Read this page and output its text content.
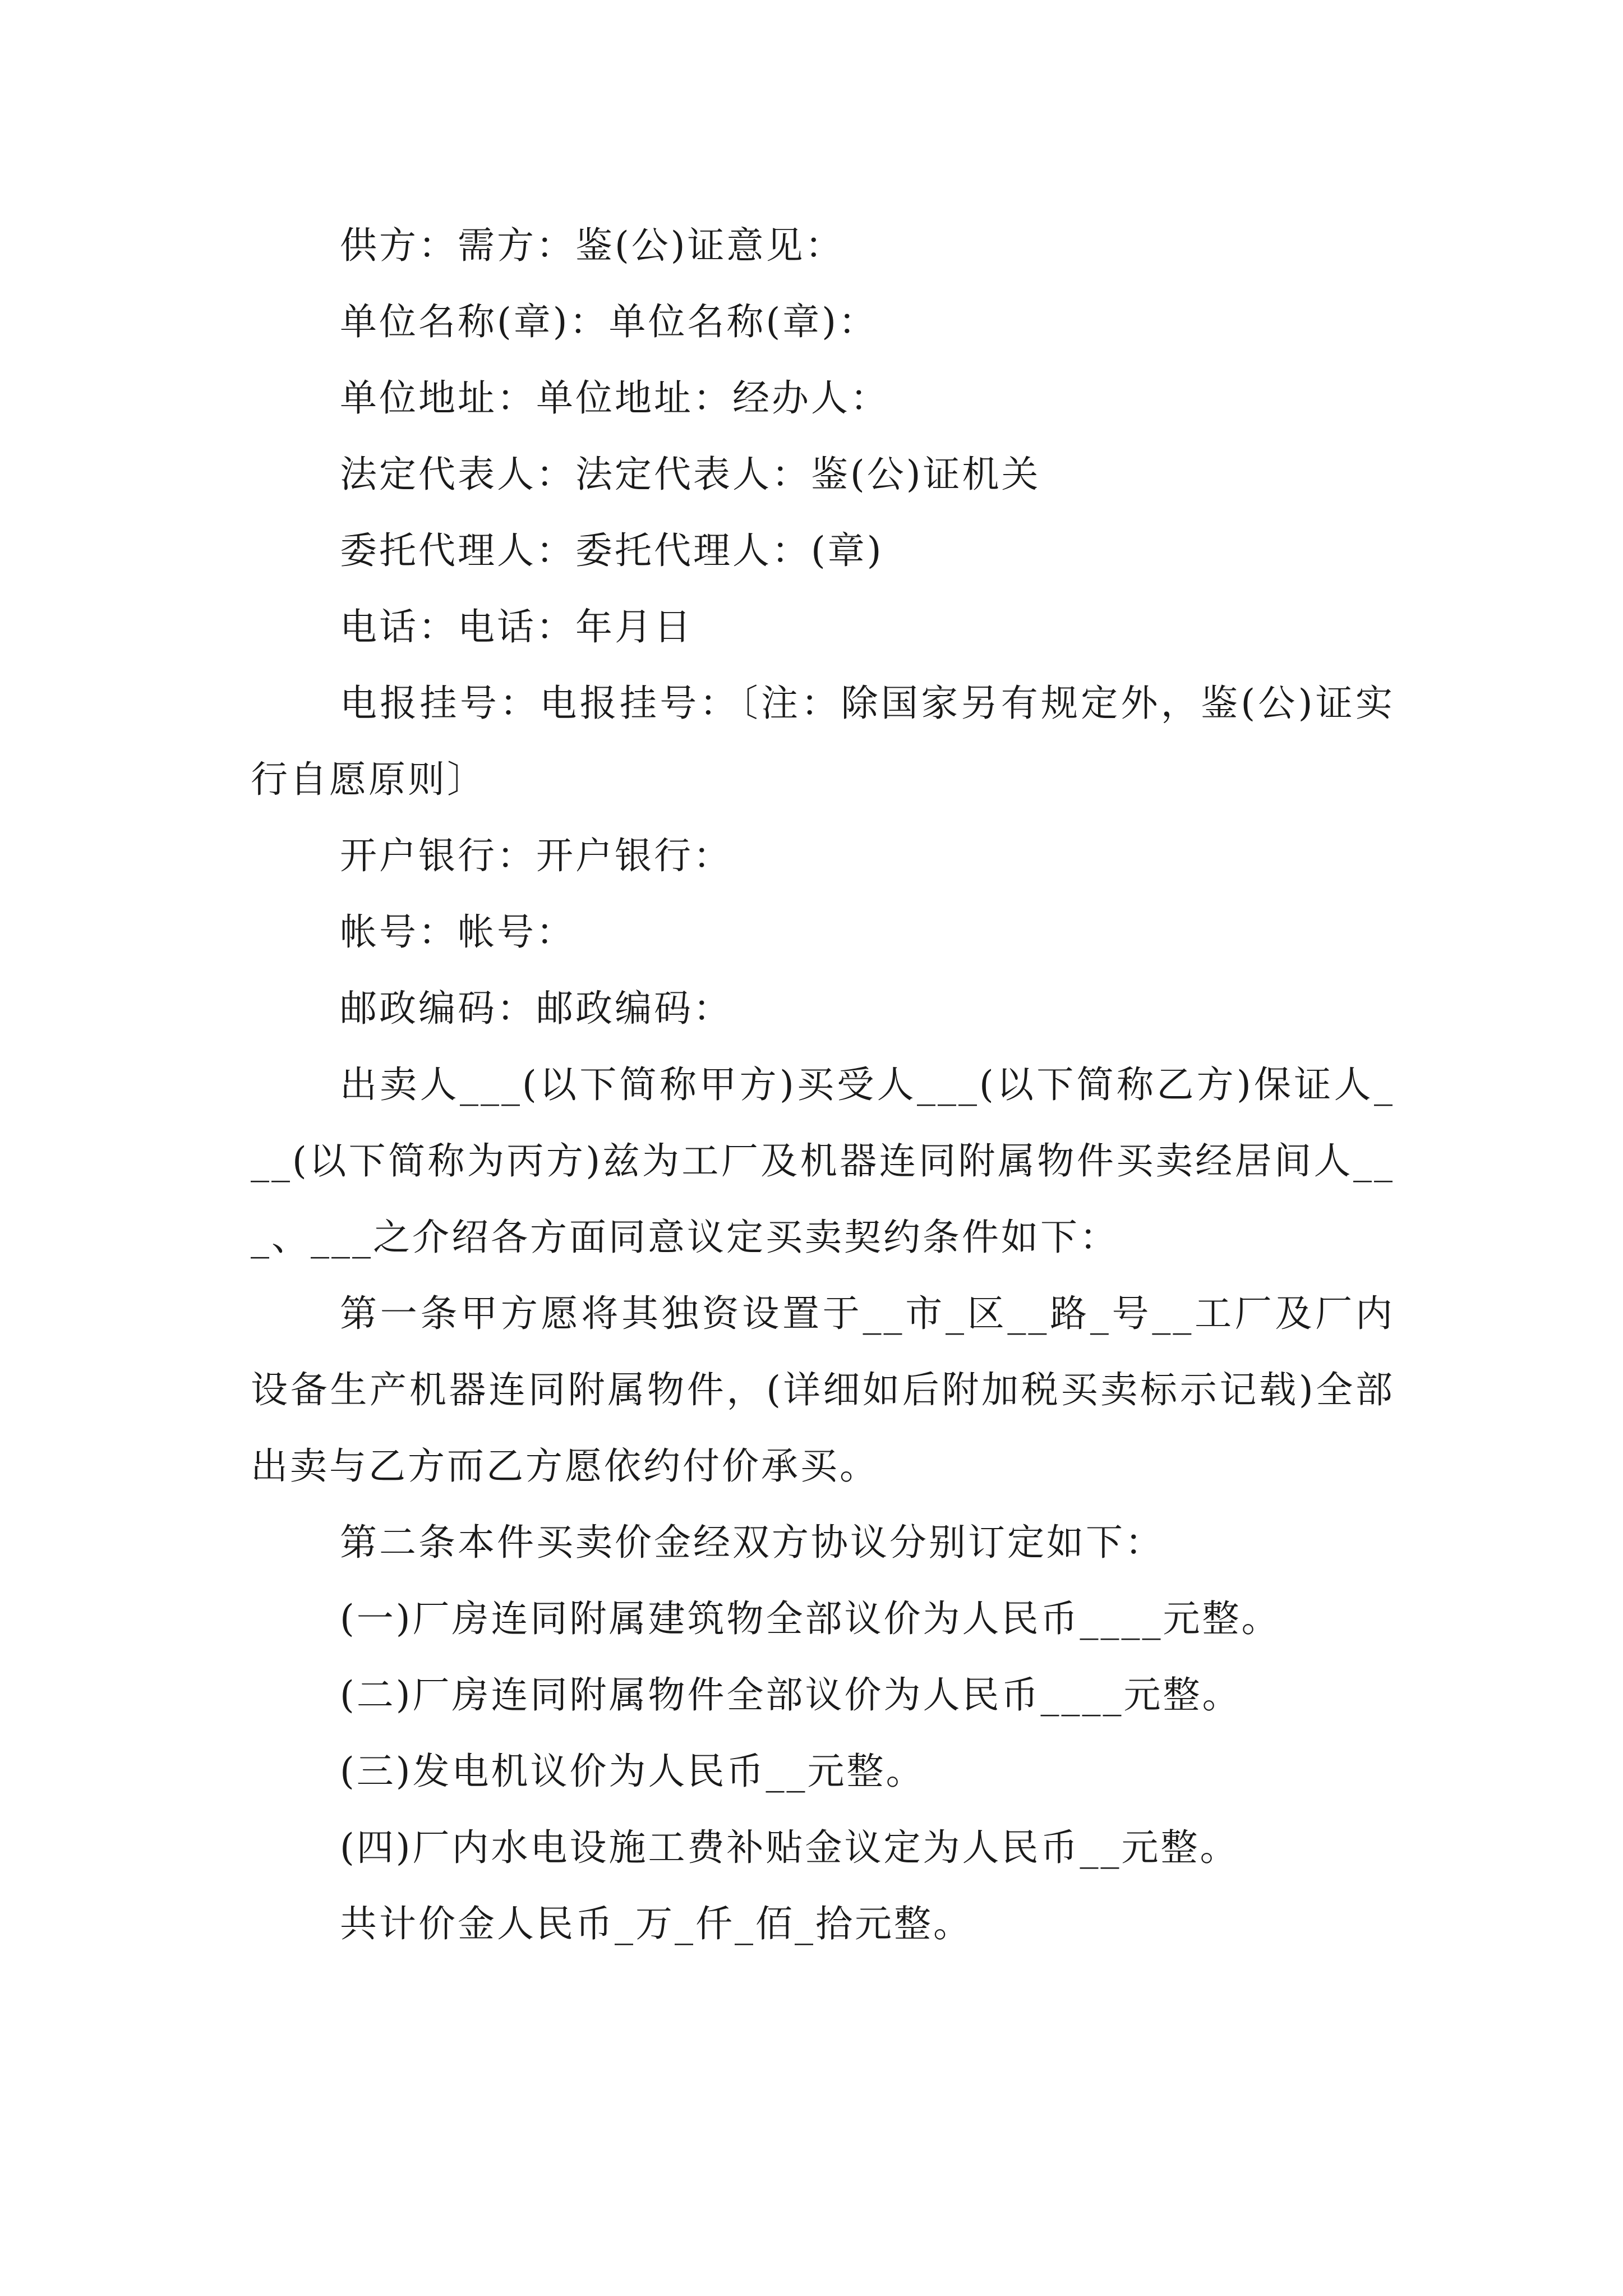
供方：需方：鉴(公)证意见：

单位名称(章)：单位名称(章)：

单位地址：单位地址：经办人：

法定代表人：法定代表人：鉴(公)证机关

委托代理人：委托代理人：(章)

电话：电话：年月日

电报挂号：电报挂号：〔注：除国家另有规定外，鉴(公)证实行自愿原则〕

开户银行：开户银行：

帐号：帐号：

邮政编码：邮政编码：

出卖人___(以下简称甲方)买受人___(以下简称乙方)保证人___(以下简称为丙方)兹为工厂及机器连同附属物件买卖经居间人___、___之介绍各方面同意议定买卖契约条件如下：

第一条甲方愿将其独资设置于__市_区__路_号__工厂及厂内设备生产机器连同附属物件，(详细如后附加税买卖标示记载)全部出卖与乙方而乙方愿依约付价承买。

第二条本件买卖价金经双方协议分别订定如下：

(一)厂房连同附属建筑物全部议价为人民币____元整。

(二)厂房连同附属物件全部议价为人民币____元整。

(三)发电机议价为人民币__元整。

(四)厂内水电设施工费补贴金议定为人民币__元整。

共计价金人民币_万_仟_佰_拾元整。
